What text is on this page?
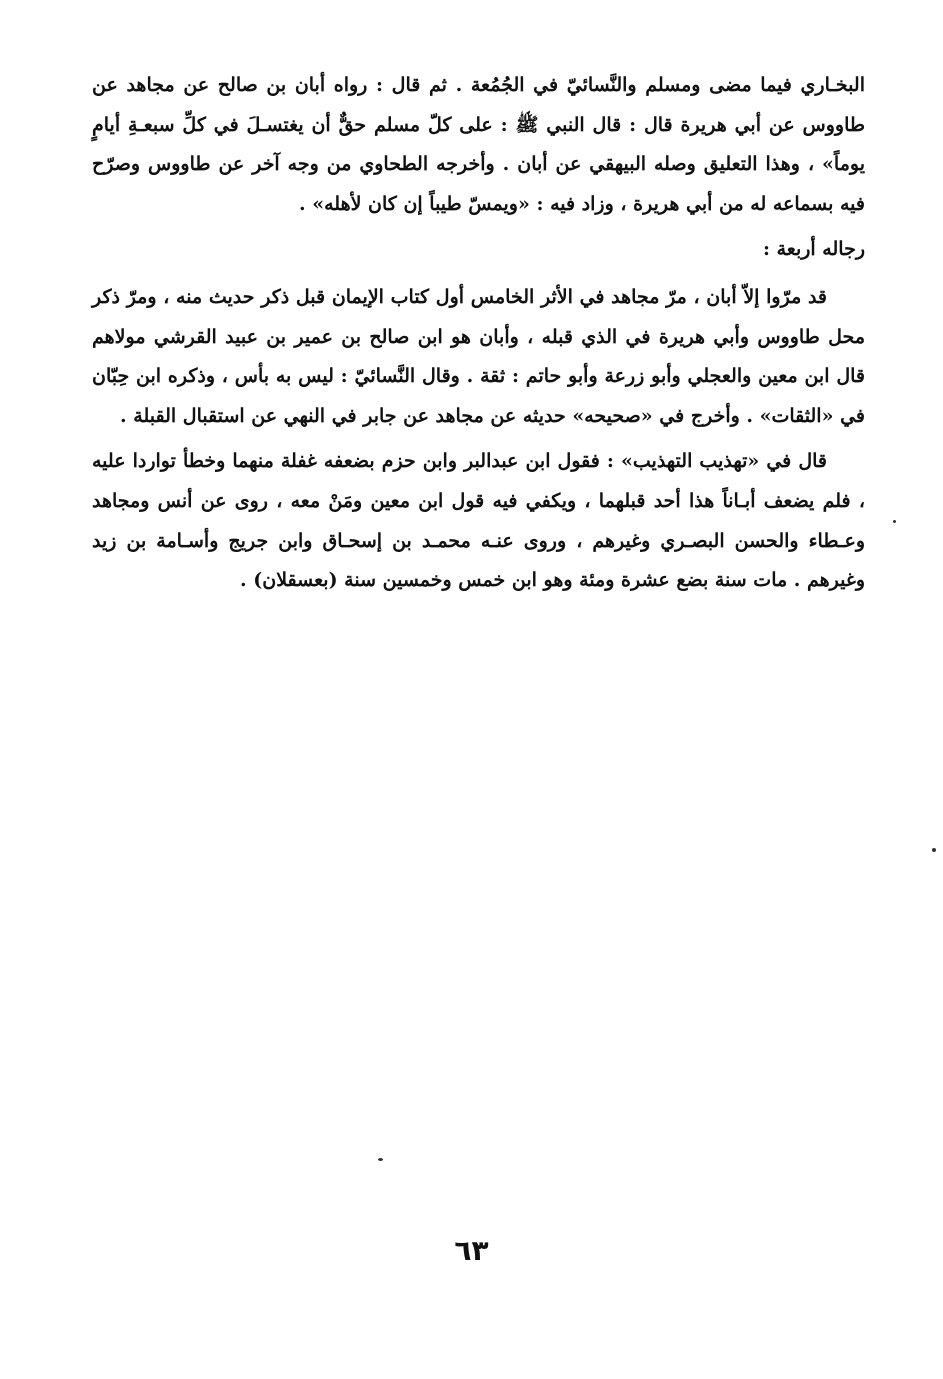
البخـاري فيما مضى ومسلم والنَّسائيّ في الجُمُعة . ثم قال : رواه أبان بن صالح عن مجاهد عن طاووس عن أبي هريرة قال : قال النبي ﷺ : على كلّ مسلم حقٌّ أن يغتسـلَ في كلِّ سبعـةِ أيامٍ يوماً» ، وهذا التعليق وصله البيهقي عن أبان . وأخرجه الطحاوي من وجه آخر عن طاووس وصرّح فيه بسماعه له من أبي هريرة ، وزاد فيه : «ويمسّ طيباً إن كان لأهله» .

رجاله أربعة :

قد مرّوا إلاّ أبان ، مرّ مجاهد في الأثر الخامس أول كتاب الإيمان قبل ذكر حديث منه ، ومرّ ذكر محل طاووس وأبي هريرة في الذي قبله ، وأبان هو ابن صالح بن عمير بن عبيد القرشي مولاهم قال ابن معين والعجلي وأبو زرعة وأبو حاتم : ثقة . وقال النَّسائيّ : ليس به بأس ، وذكره ابن حِبّان في «الثقات» . وأخرج في «صحيحه» حديثه عن مجاهد عن جابر في النهي عن استقبال القبلة .

قال في «تهذيب التهذيب» : فقول ابن عبدالبر وابن حزم بضعفه غفلة منهما وخطأ تواردا عليه ، فلم يضعف أبـاناً هذا أحد قبلهما ، ويكفي فيه قول ابن معين ومَنْ معه ، روى عن أنس ومجاهد وعـطاء والحسن البصـري وغيرهم ، وروى عنـه محمـد بن إسحـاق وابن جريج وأسـامة بن زيد وغيرهم . مات سنة بضع عشرة ومئة وهو ابن خمس وخمسين سنة (بعسقلان) .

٦٣
